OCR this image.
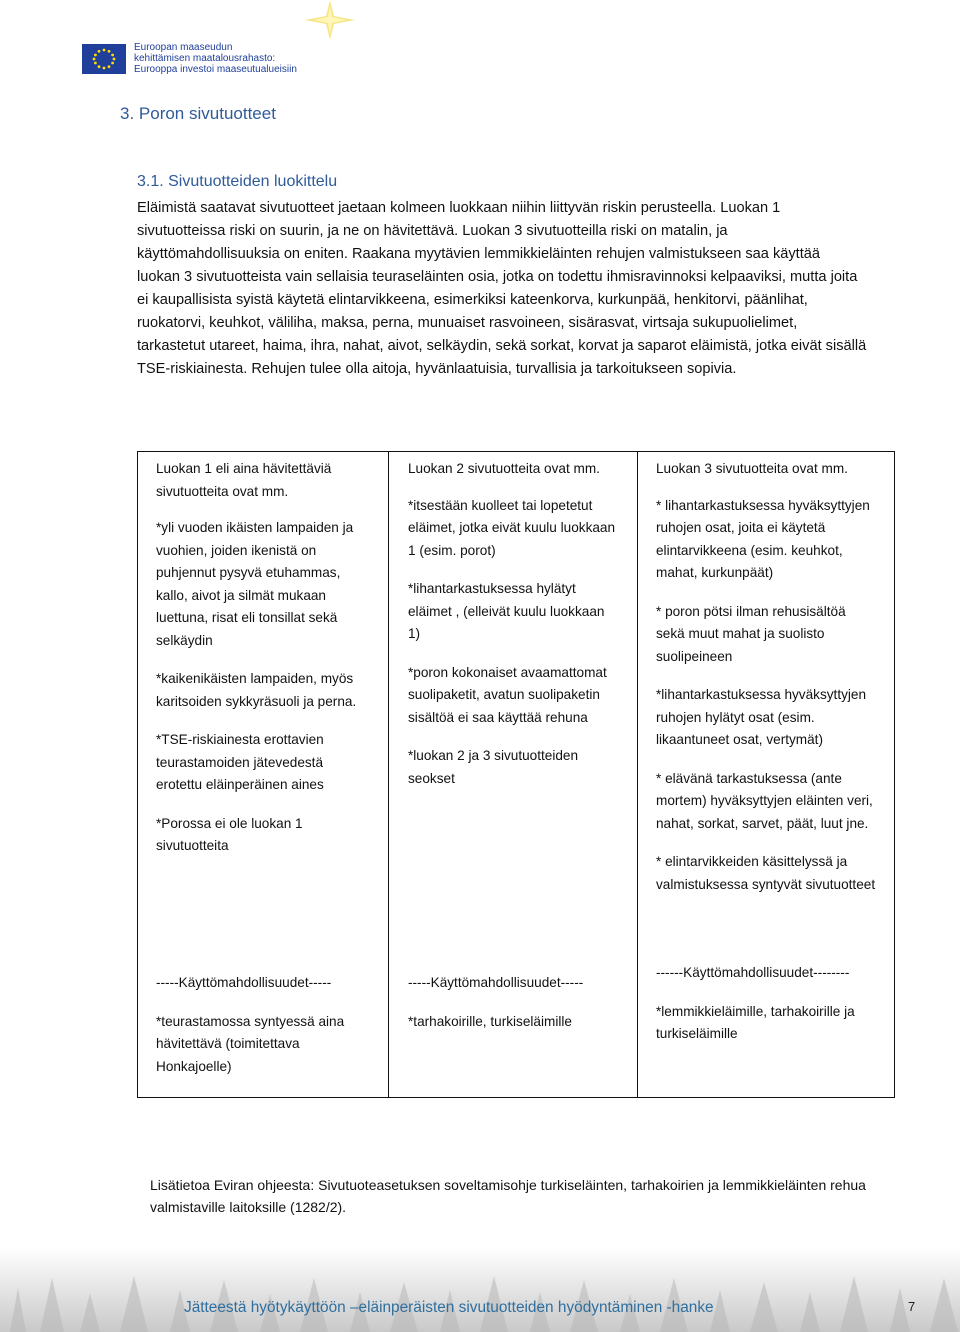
Euroopan maaseudun
kehittämisen maatalousrahasto:
Eurooppa investoi maaseutualueisiin
3. Poron sivutuotteet
3.1. Sivutuotteiden luokittelu
Eläimistä saatavat sivutuotteet jaetaan kolmeen luokkaan niihin liittyvän riskin perusteella. Luokan 1 sivutuotteissa riski on suurin, ja ne on hävitettävä. Luokan 3 sivutuotteilla riski on matalin, ja käyttömahdollisuuksia on eniten. Raakana myytävien lemmikkieläinten rehujen valmistukseen saa käyttää luokan 3 sivutuotteista vain sellaisia teuraseläinten osia, jotka on todettu ihmisravinnoksi kelpaaviksi, mutta joita ei kaupallisista syistä käytetä elintarvikkeena, esimerkiksi kateenkorva, kurkunpää, henkitorvi, päänlihat, ruokatorvi, keuhkot, väliliha, maksa, perna, munuaiset rasvoineen, sisärasvat, virtsaja sukupuolielimet, tarkastetut utareet, haima, ihra, nahat, aivot, selkäydin, sekä sorkat, korvat ja saparot eläimistä, jotka eivät sisällä TSE-riskiainesta. Rehujen tulee olla aitoja, hyvänlaatuisia, turvallisia ja tarkoitukseen sopivia.

Luokan 1 eli aina hävitettäviä sivutuotteita ovat mm.

*yli vuoden ikäisten lampaiden ja vuohien, joiden ikenistä on puhjennut pysyvä etuhammas, kallo, aivot ja silmät mukaan luettuna, risat eli tonsillat sekä selkäydin

*kaikenikäisten lampaiden, myös karitsoiden sykkyräsuoli ja perna.

*TSE-riskiainesta erottavien teurastamoiden jätevedestä erotettu eläinperäinen aines

*Porossa ei ole luokan 1 sivutuotteita

-----Käyttömahdollisuudet-----

*teurastamossa syntyessä aina hävitettävä (toimitettava Honkajoelle)

Luokan 2 sivutuotteita ovat mm.

*itsestään kuolleet tai lopetetut eläimet, jotka eivät kuulu luokkaan 1 (esim. porot)

*lihantarkastuksessa hylätyt eläimet , (elleivät kuulu luokkaan 1)

*poron kokonaiset avaamattomat suolipaketit, avatun suolipaketin sisältöä ei saa käyttää rehuna

*luokan 2 ja 3 sivutuotteiden seokset

-----Käyttömahdollisuudet-----

*tarhakoirille, turkiseläimille

Luokan 3 sivutuotteita ovat mm.

* lihantarkastuksessa hyväksyttyjen ruhojen osat, joita ei käytetä elintarvikkeena (esim. keuhkot, mahat, kurkunpäät)

* poron pötsi ilman rehusisältöä sekä muut mahat ja suolisto suolipeineen

*lihantarkastuksessa hyväksyttyjen ruhojen hylätyt osat (esim. likaantuneet osat, vertymät)

* elävänä tarkastuksessa (ante mortem) hyväksyttyjen eläinten veri, nahat, sorkat, sarvet, päät, luut jne.

* elintarvikkeiden käsittelyssä ja valmistuksessa syntyvät sivutuotteet

------Käyttömahdollisuudet--------

*lemmikkieläimille, tarhakoirille ja turkiseläimille

Lisätietoa Eviran ohjeesta: Sivutuoteasetuksen soveltamisohje turkiseläinten, tarhakoirien ja lemmikkieläinten rehua valmistaville laitoksille (1282/2).
Jätteestä hyötykäyttöön –eläinperäisten sivutuotteiden hyödyntäminen -hanke	7
